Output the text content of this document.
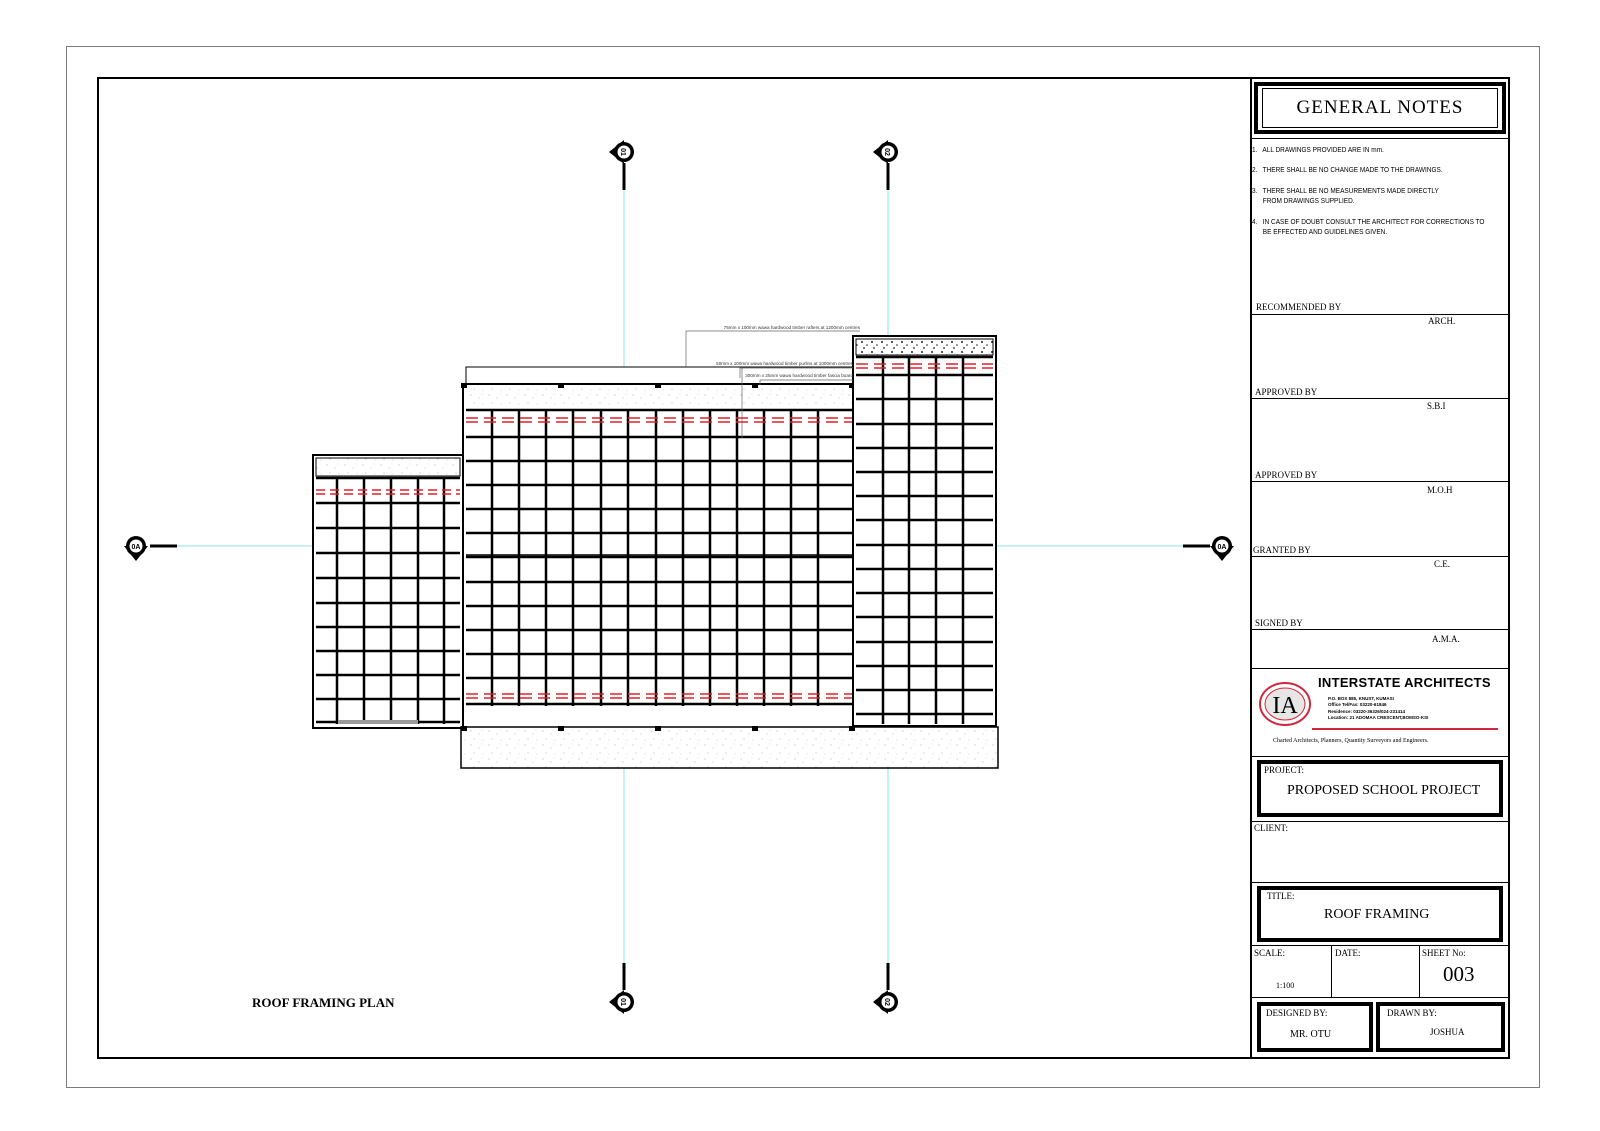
01	02
01	02
0A	0A
75mm x 100mm wawa hardwood timber rafters at 1200mm centres
50mm x 100mm wawa hardwood timber purlins at 1000mm centres
300mm x 25mm wawa hardwood timber fascia board
ROOF FRAMING PLAN
GENERAL NOTES
1.   ALL DRAWINGS PROVIDED ARE IN mm.
2.   THERE SHALL BE NO CHANGE MADE TO THE DRAWINGS.
3.   THERE SHALL BE NO MEASUREMENTS MADE DIRECTLY
FROM DRAWINGS SUPPLIED.
4.   IN CASE OF DOUBT CONSULT THE ARCHITECT FOR CORRECTIONS TO
BE EFFECTED AND GUIDELINES GIVEN.
RECOMMENDED BY
ARCH.
APPROVED BY
S.B.I
APPROVED BY
M.O.H
GRANTED BY
C.E.
SIGNED BY
A.M.A.
IA
INTERSTATE ARCHITECTS
P.O. BOX 885, KNUST, KUMASI
Office Tel/Fax: 03220-61846
Residence: 03220-36326/024-231414
Location: 21 ADOMAA CRESCENT,BOMSO-KSI
Charted Architects, Planners, Quantity Surveyors and Engineers.
PROJECT:
PROPOSED SCHOOL PROJECT
CLIENT:
TITLE:
ROOF FRAMING
SCALE:
1:100
DATE:	SHEET No:
003
DESIGNED BY:
MR. OTU
DRAWN BY:
JOSHUA
